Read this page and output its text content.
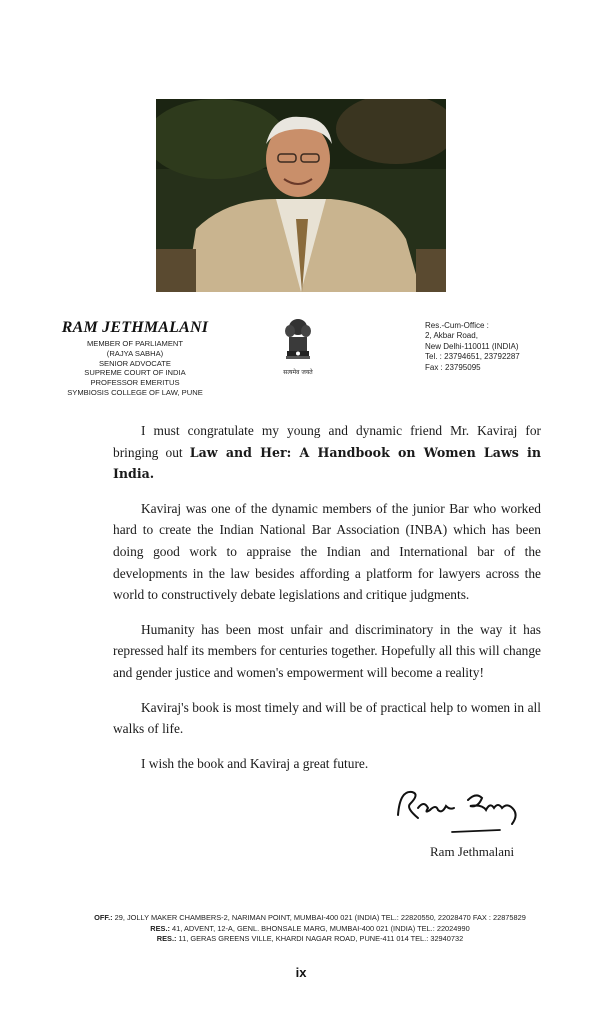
RAM JETHMALANI
MEMBER OF PARLIAMENT
(RAJYA SABHA)
SENIOR ADVOCATE
SUPREME COURT OF INDIA
PROFESSOR EMERITUS
SYMBIOSIS COLLEGE OF LAW, PUNE
सत्यमेव जयते
Res.-Cum-Office :
2, Akbar Road,
New Delhi-110011 (INDIA)
Tel. : 23794651, 23792287
Fax : 23795095

I must congratulate my young and dynamic friend Mr. Kaviraj for bringing out Law and Her: A Handbook on Women Laws in India.

Kaviraj was one of the dynamic members of the junior Bar who worked hard to create the Indian National Bar Association (INBA) which has been doing good work to appraise the Indian and International bar of the developments in the law besides affording a platform for lawyers across the world to constructively debate legislations and critique judgments.

Humanity has been most unfair and discriminatory in the way it has repressed half its members for centuries together. Hopefully all this will change and gender justice and women's empowerment will become a reality!

Kaviraj's book is most timely and will be of practical help to women in all walks of life.

I wish the book and Kaviraj a great future.

Ram Jethmalani
OFF.: 29, JOLLY MAKER CHAMBERS-2, NARIMAN POINT, MUMBAI-400 021 (INDIA) TEL.: 22820550, 22028470 FAX : 22875829
RES.: 41, ADVENT, 12-A, GENL. BHONSALE MARG, MUMBAI-400 021 (INDIA) TEL.: 22024990
RES.: 11, GERAS GREENS VILLE, KHARDI NAGAR ROAD, PUNE-411 014 TEL.: 32940732
ix
